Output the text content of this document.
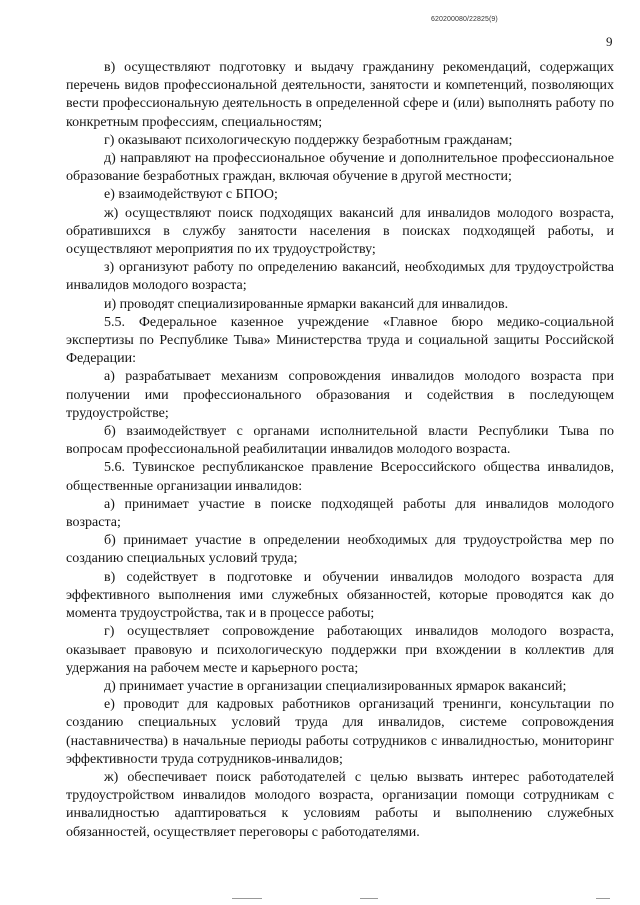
620200080/22825(9)
9

в) осуществляют подготовку и выдачу гражданину рекомендаций, содержащих перечень видов профессиональной деятельности, занятости и компетенций, позволяющих вести профессиональную деятельность в определенной сфере и (или) выполнять работу по конкретным профессиям, специальностям;

г) оказывают психологическую поддержку безработным гражданам;

д) направляют на профессиональное обучение и дополнительное профессиональное образование безработных граждан, включая обучение в другой местности;

е) взаимодействуют с БПОО;

ж) осуществляют поиск подходящих вакансий для инвалидов молодого возраста, обратившихся в службу занятости населения в поисках подходящей работы, и осуществляют мероприятия по их трудоустройству;

з) организуют работу по определению вакансий, необходимых для трудоустройства инвалидов молодого возраста;

и) проводят специализированные ярмарки вакансий для инвалидов.

5.5. Федеральное казенное учреждение «Главное бюро медико-социальной экспертизы по Республике Тыва» Министерства труда и социальной защиты Российской Федерации:

а) разрабатывает механизм сопровождения инвалидов молодого возраста при получении ими профессионального образования и содействия в последующем трудоустройстве;

б) взаимодействует с органами исполнительной власти Республики Тыва по вопросам профессиональной реабилитации инвалидов молодого возраста.

5.6. Тувинское республиканское правление Всероссийского общества инвалидов, общественные организации инвалидов:

а) принимает участие в поиске подходящей работы для инвалидов молодого возраста;

б) принимает участие в определении необходимых для трудоустройства мер по созданию специальных условий труда;

в) содействует в подготовке и обучении инвалидов молодого возраста для эффективного выполнения ими служебных обязанностей, которые проводятся как до момента трудоустройства, так и в процессе работы;

г) осуществляет сопровождение работающих инвалидов молодого возраста, оказывает правовую и психологическую поддержки при вхождении в коллектив для удержания на рабочем месте и карьерного роста;

д) принимает участие в организации специализированных ярмарок вакансий;

е) проводит для кадровых работников организаций тренинги, консультации по созданию специальных условий труда для инвалидов, системе сопровождения (наставничества) в начальные периоды работы сотрудников с инвалидностью, мониторинг эффективности труда сотрудников-инвалидов;

ж) обеспечивает поиск работодателей с целью вызвать интерес работодателей трудоустройством инвалидов молодого возраста, организации помощи сотрудникам с инвалидностью адаптироваться к условиям работы и выполнению служебных обязанностей, осуществляет переговоры с работодателями.
